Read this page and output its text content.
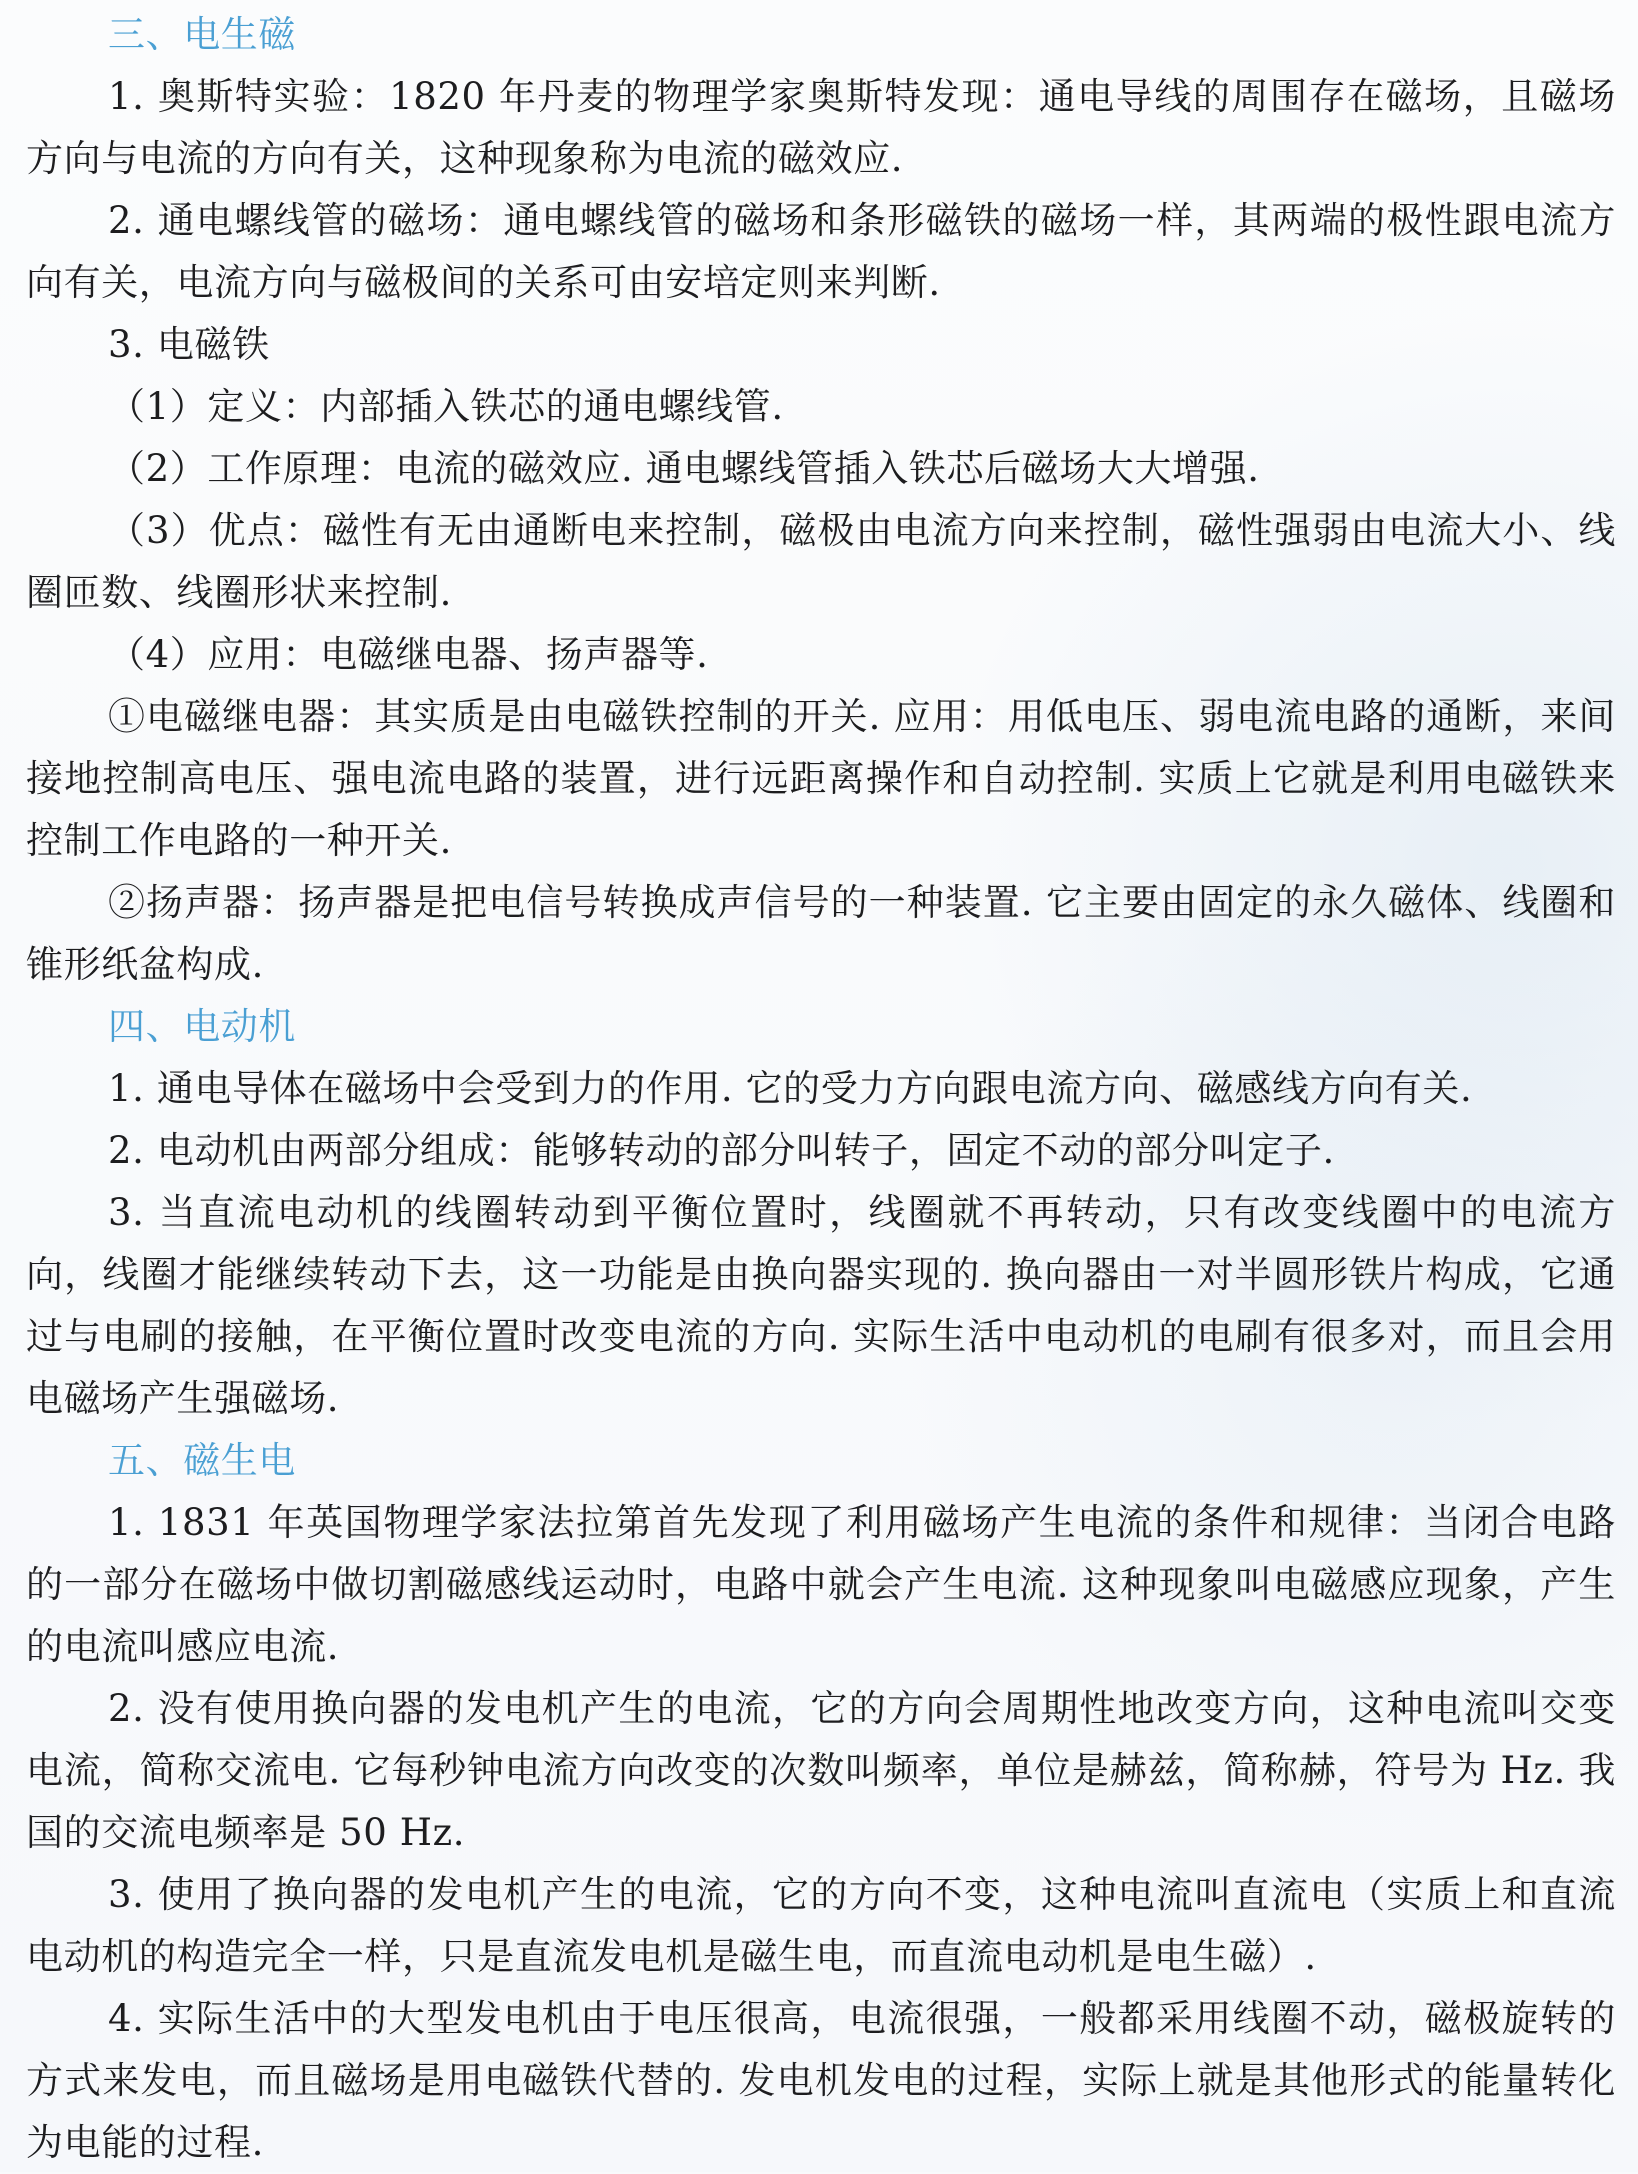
三、电生磁

1. 奥斯特实验：1820 年丹麦的物理学家奥斯特发现：通电导线的周围存在磁场，且磁场方向与电流的方向有关，这种现象称为电流的磁效应.

2. 通电螺线管的磁场：通电螺线管的磁场和条形磁铁的磁场一样，其两端的极性跟电流方向有关，电流方向与磁极间的关系可由安培定则来判断.

3. 电磁铁

（1）定义：内部插入铁芯的通电螺线管.

（2）工作原理：电流的磁效应. 通电螺线管插入铁芯后磁场大大增强.

（3）优点：磁性有无由通断电来控制，磁极由电流方向来控制，磁性强弱由电流大小、线圈匝数、线圈形状来控制.

（4）应用：电磁继电器、扬声器等.

①电磁继电器：其实质是由电磁铁控制的开关. 应用：用低电压、弱电流电路的通断，来间接地控制高电压、强电流电路的装置，进行远距离操作和自动控制. 实质上它就是利用电磁铁来控制工作电路的一种开关.

②扬声器：扬声器是把电信号转换成声信号的一种装置. 它主要由固定的永久磁体、线圈和锥形纸盆构成.

四、电动机

1. 通电导体在磁场中会受到力的作用. 它的受力方向跟电流方向、磁感线方向有关.

2. 电动机由两部分组成：能够转动的部分叫转子，固定不动的部分叫定子.

3. 当直流电动机的线圈转动到平衡位置时，线圈就不再转动，只有改变线圈中的电流方向，线圈才能继续转动下去，这一功能是由换向器实现的. 换向器由一对半圆形铁片构成，它通过与电刷的接触，在平衡位置时改变电流的方向. 实际生活中电动机的电刷有很多对，而且会用电磁场产生强磁场.

五、磁生电

1. 1831 年英国物理学家法拉第首先发现了利用磁场产生电流的条件和规律：当闭合电路的一部分在磁场中做切割磁感线运动时，电路中就会产生电流. 这种现象叫电磁感应现象，产生的电流叫感应电流.

2. 没有使用换向器的发电机产生的电流，它的方向会周期性地改变方向，这种电流叫交变电流，简称交流电. 它每秒钟电流方向改变的次数叫频率，单位是赫兹，简称赫，符号为 Hz. 我国的交流电频率是 50 Hz.

3. 使用了换向器的发电机产生的电流，它的方向不变，这种电流叫直流电（实质上和直流电动机的构造完全一样，只是直流发电机是磁生电，而直流电动机是电生磁）.

4. 实际生活中的大型发电机由于电压很高，电流很强，一般都采用线圈不动，磁极旋转的方式来发电，而且磁场是用电磁铁代替的. 发电机发电的过程，实际上就是其他形式的能量转化为电能的过程.
